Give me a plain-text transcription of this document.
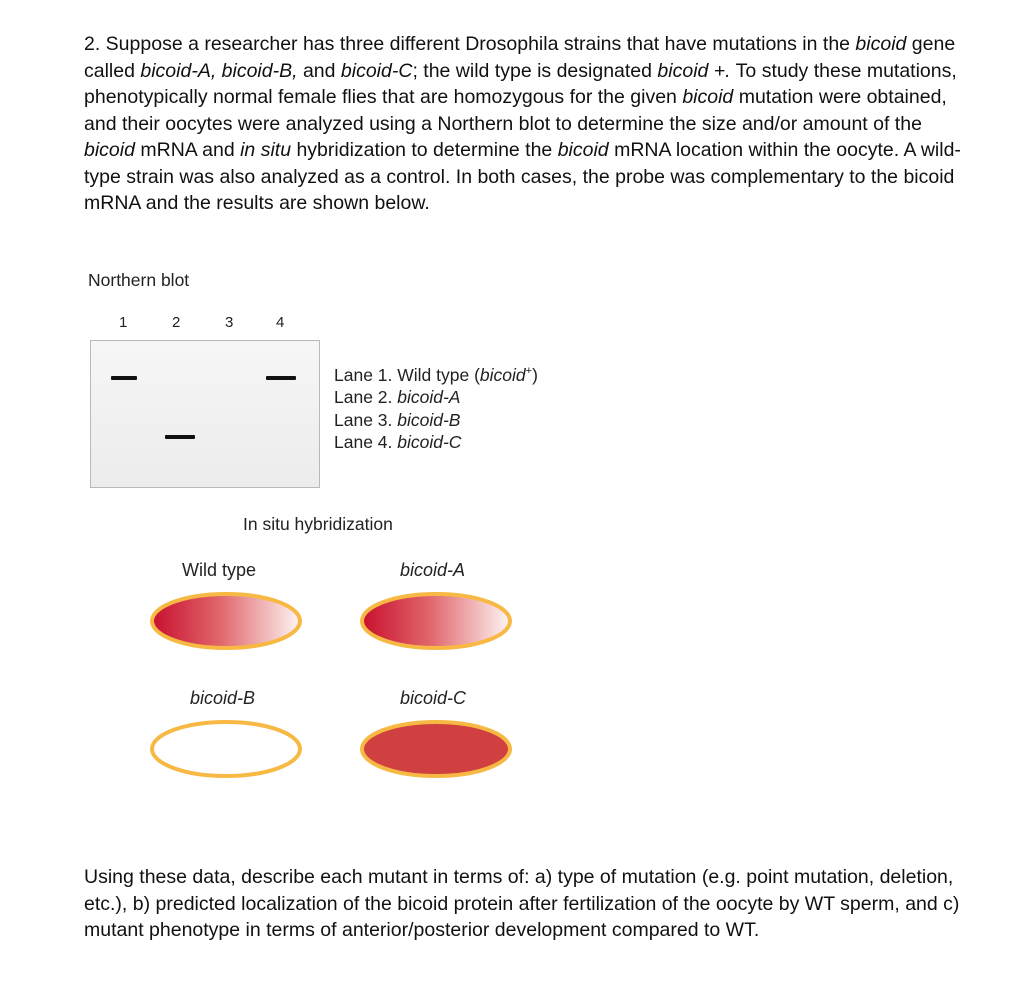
2. Suppose a researcher has three different Drosophila strains that have mutations in the bicoid gene called bicoid-A, bicoid-B, and bicoid-C; the wild type is designated bicoid +. To study these mutations, phenotypically normal female flies that are homozygous for the given bicoid mutation were obtained, and their oocytes were analyzed using a Northern blot to determine the size and/or amount of the bicoid mRNA and in situ hybridization to determine the bicoid mRNA location within the oocyte. A wild-type strain was also analyzed as a control. In both cases, the probe was complementary to the bicoid mRNA and the results are shown below.

Northern blot
1	2	3	4
Lane 1. Wild type (bicoid+)
Lane 2. bicoid-A
Lane 3. bicoid-B
Lane 4. bicoid-C
In situ hybridization
Wild type	bicoid-A
bicoid-B	bicoid-C

Using these data, describe each mutant in terms of: a) type of mutation (e.g. point mutation, deletion, etc.), b) predicted localization of the bicoid protein after fertilization of the oocyte by WT sperm, and c) mutant phenotype in terms of anterior/posterior development compared to WT.
